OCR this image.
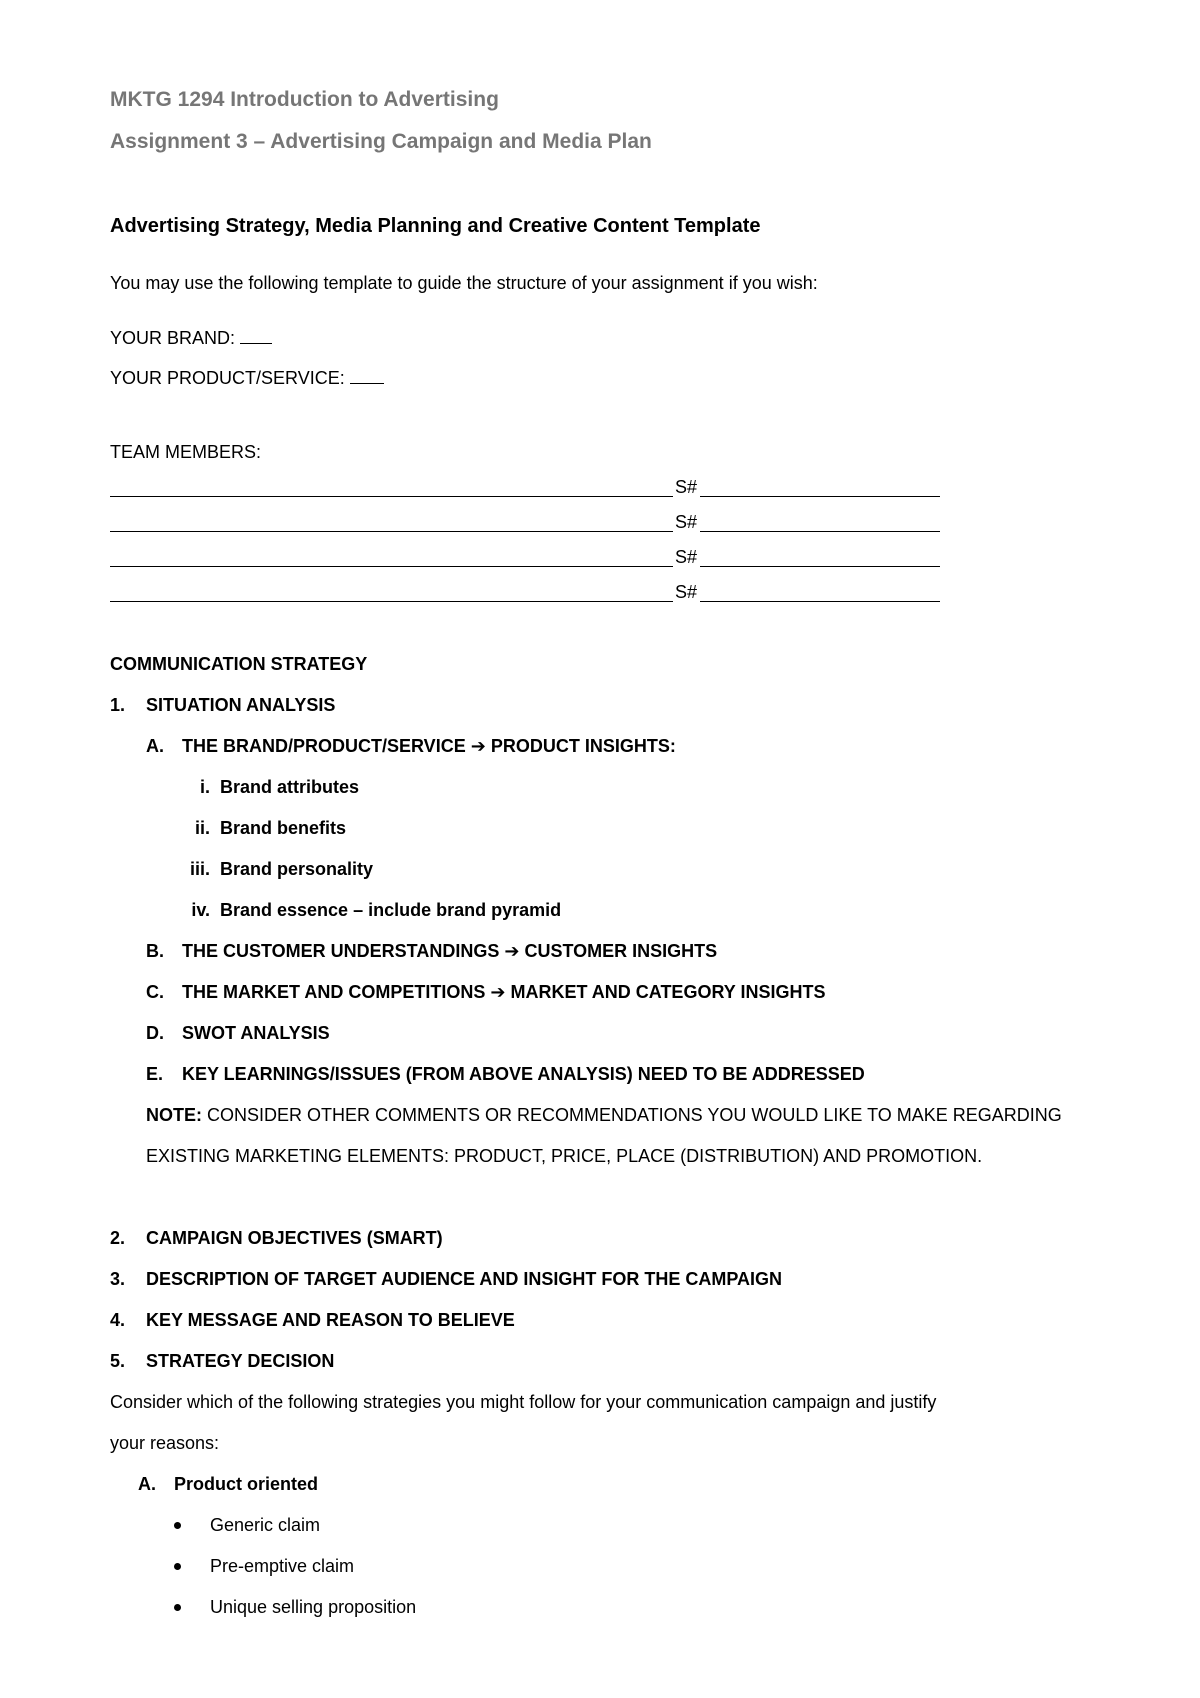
MKTG 1294 Introduction to Advertising
Assignment 3 – Advertising Campaign and Media Plan
Advertising Strategy, Media Planning and Creative Content Template
You may use the following template to guide the structure of your assignment if you wish:
YOUR BRAND:
YOUR PRODUCT/SERVICE:
TEAM MEMBERS:
S#
S#
S#
S#
COMMUNICATION STRATEGY
1. SITUATION ANALYSIS
A. THE BRAND/PRODUCT/SERVICE ➔ PRODUCT INSIGHTS:
i. Brand attributes
ii. Brand benefits
iii. Brand personality
iv. Brand essence – include brand pyramid
B. THE CUSTOMER UNDERSTANDINGS ➔ CUSTOMER INSIGHTS
C. THE MARKET AND COMPETITIONS ➔ MARKET AND CATEGORY INSIGHTS
D. SWOT ANALYSIS
E. KEY LEARNINGS/ISSUES (FROM ABOVE ANALYSIS) NEED TO BE ADDRESSED
NOTE: CONSIDER OTHER COMMENTS OR RECOMMENDATIONS YOU WOULD LIKE TO MAKE REGARDING
EXISTING MARKETING ELEMENTS: PRODUCT, PRICE, PLACE (DISTRIBUTION) AND PROMOTION.
2. CAMPAIGN OBJECTIVES (SMART)
3. DESCRIPTION OF TARGET AUDIENCE AND INSIGHT FOR THE CAMPAIGN
4. KEY MESSAGE AND REASON TO BELIEVE
5. STRATEGY DECISION
Consider which of the following strategies you might follow for your communication campaign and justify
your reasons:
A. Product oriented
Generic claim
Pre-emptive claim
Unique selling proposition
